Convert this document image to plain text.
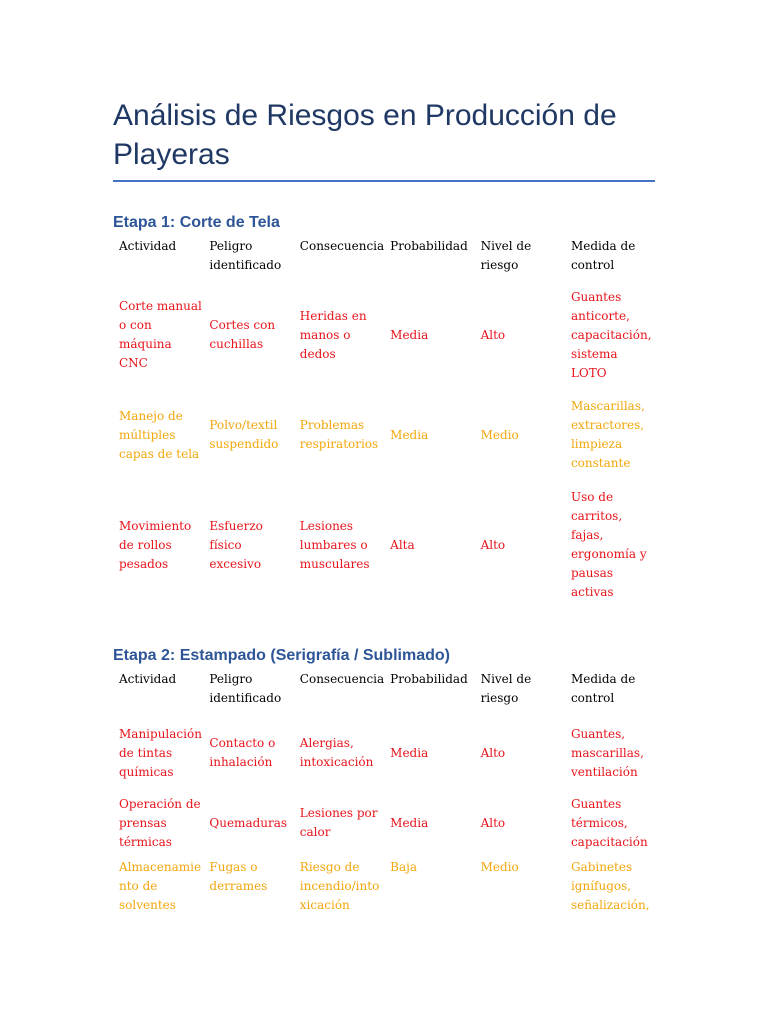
Análisis de Riesgos en Producción de Playeras
Etapa 1: Corte de Tela
Actividad	Peligro identificado	Consecuencia	Probabilidad	Nivel de riesgo	Medida de control
Corte manual o con máquina CNC	Cortes con cuchillas	Heridas en manos o dedos	Media	Alto	Guantes anticorte, capacitación, sistema LOTO
Manejo de múltiples capas de tela	Polvo/textil suspendido	Problemas respiratorios	Media	Medio	Mascarillas, extractores, limpieza constante
Movimiento de rollos pesados	Esfuerzo físico excesivo	Lesiones lumbares o musculares	Alta	Alto	Uso de carritos, fajas, ergonomía y pausas activas
Etapa 2: Estampado (Serigrafía / Sublimado)
Actividad	Peligro identificado	Consecuencia	Probabilidad	Nivel de riesgo	Medida de control
Manipulación de tintas químicas	Contacto o inhalación	Alergias, intoxicación	Media	Alto	Guantes, mascarillas, ventilación
Operación de prensas térmicas	Quemaduras	Lesiones por calor	Media	Alto	Guantes térmicos, capacitación
Almacenamiento de solventes	Fugas o derrames	Riesgo de incendio/intoxicación	Baja	Medio	Gabinetes ignífugos, señalización,
